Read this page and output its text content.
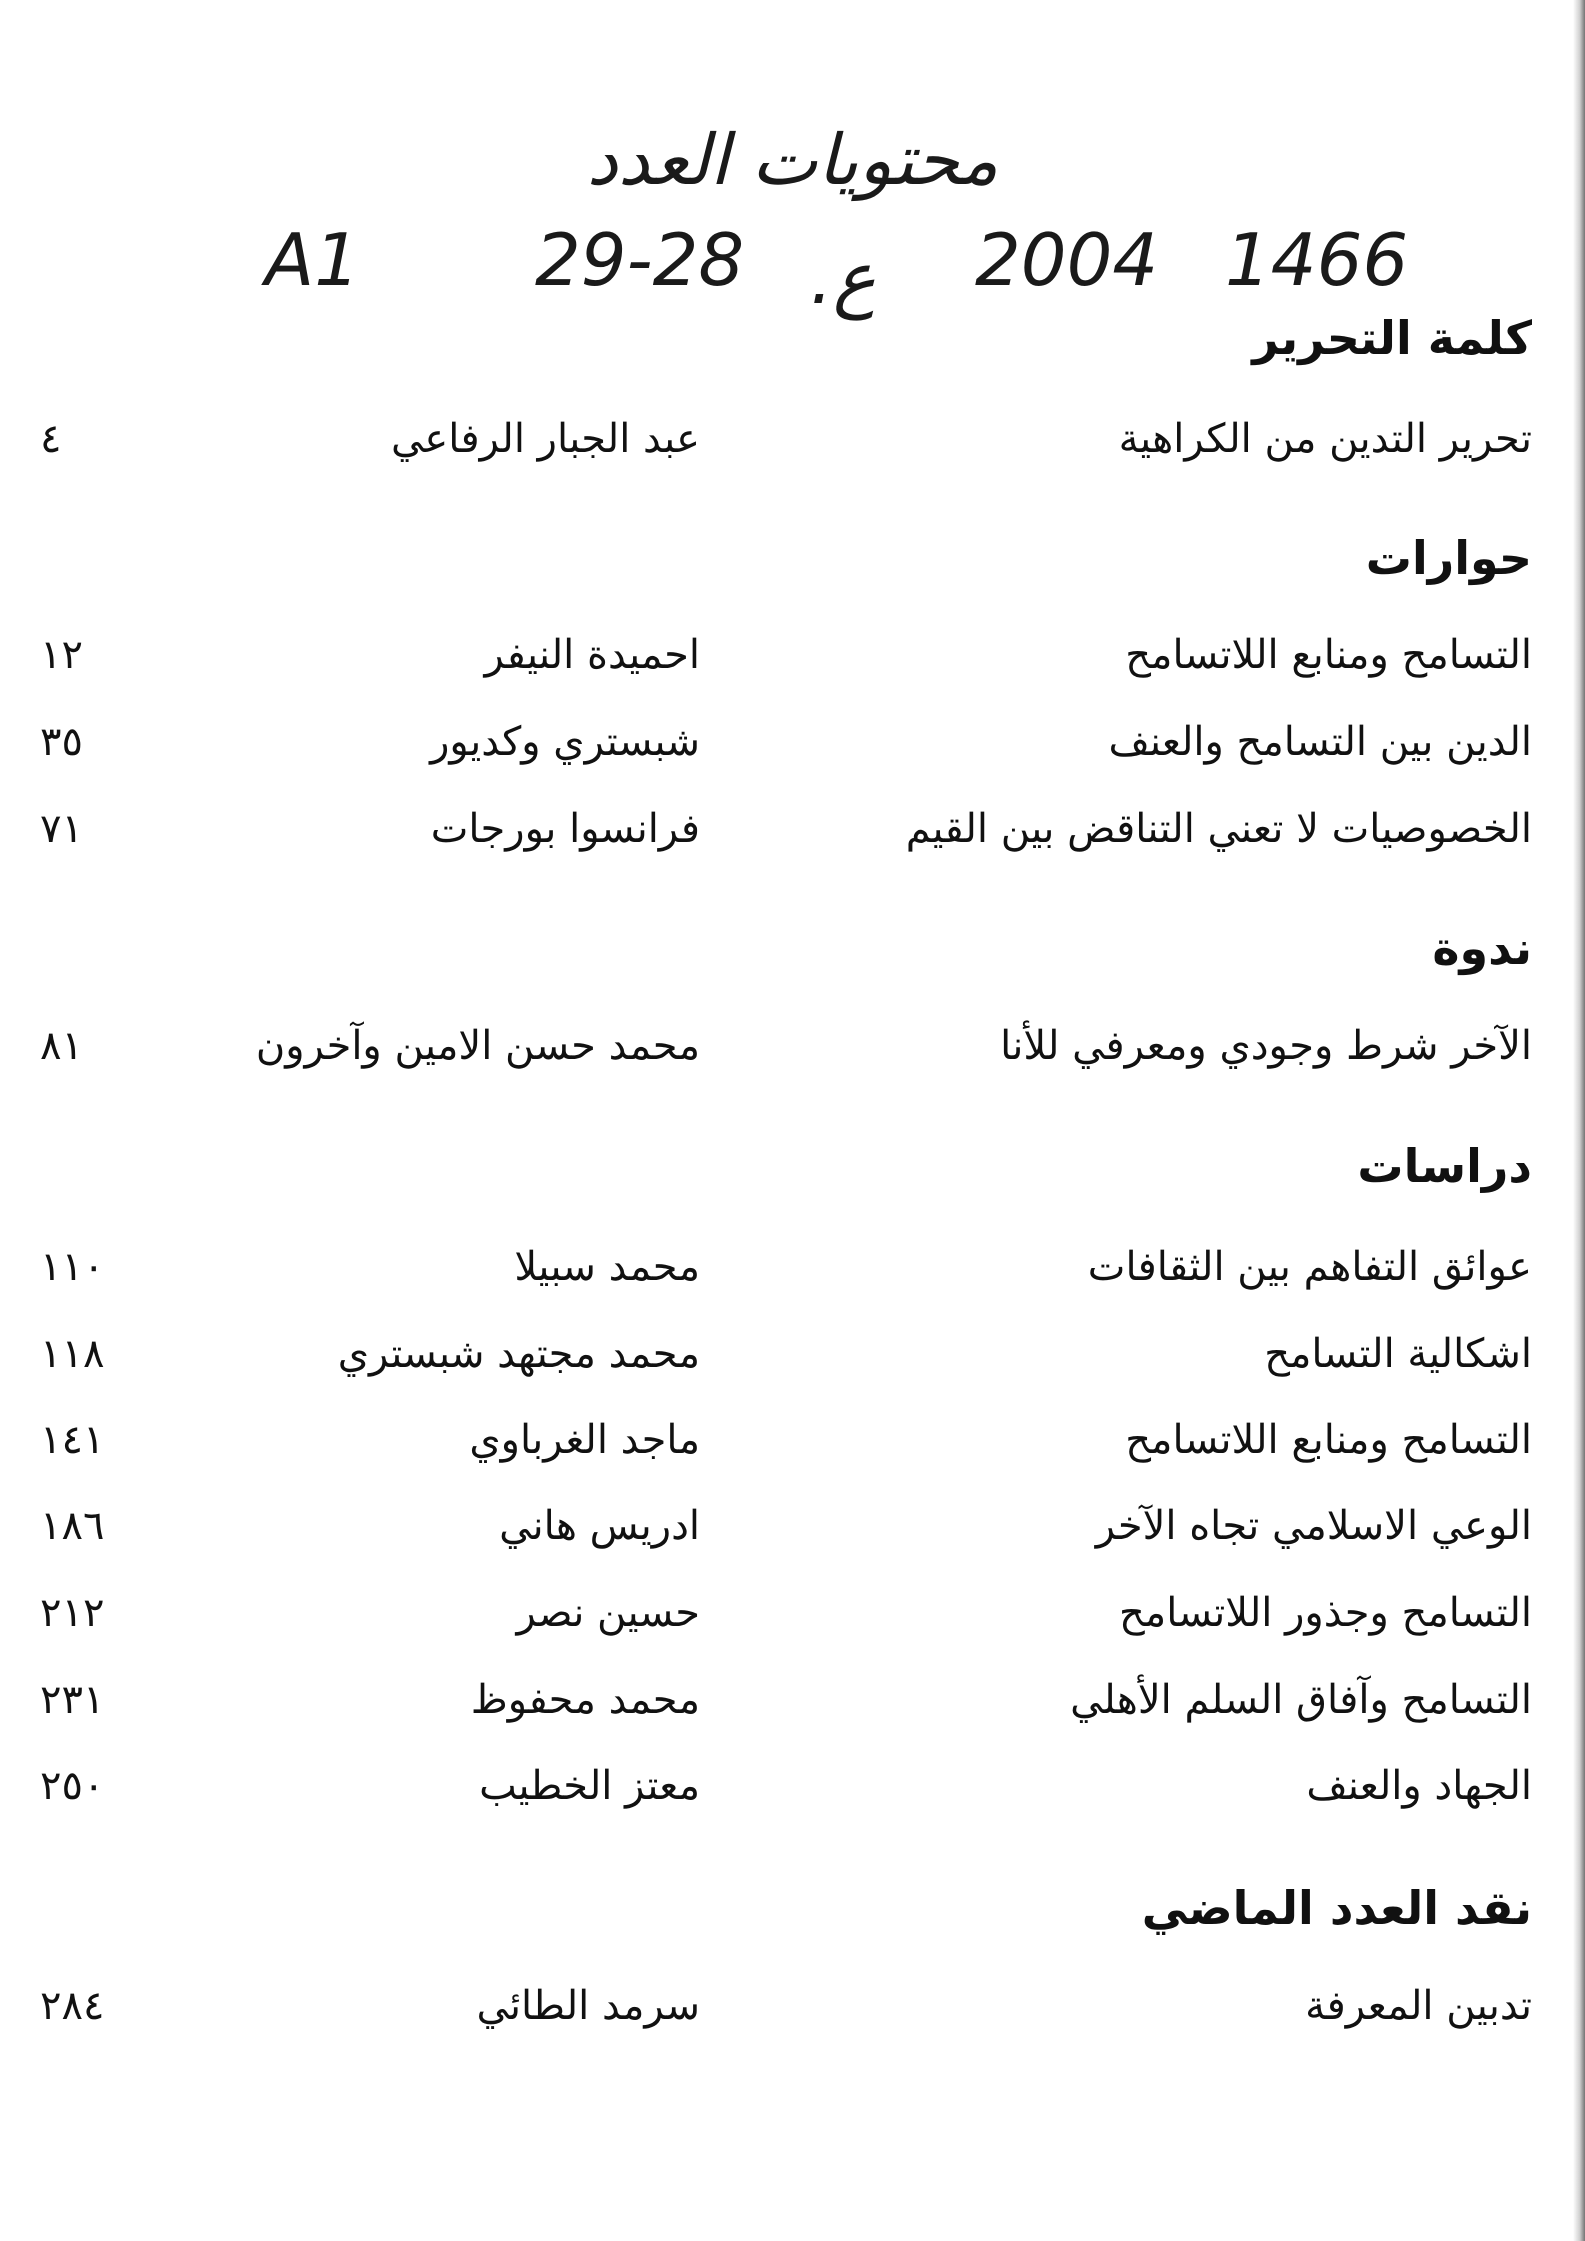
محتويات العدد
A1 29-28 .ع 2004 1466
كلمة التحرير
تحرير التدين من الكراهية
عبد الجبار الرفاعي
٤
حوارات
التسامح ومنابع اللاتسامح
احميدة النيفر
١٢
الدين بين التسامح والعنف
شبستري وكديور
٣٥
الخصوصيات لا تعني التناقض بين القيم
فرانسوا بورجات
٧١
ندوة
الآخر شرط وجودي ومعرفي للأنا
محمد حسن الامين وآخرون
٨١
دراسات
عوائق التفاهم بين الثقافات
محمد سبيلا
١١٠
اشكالية التسامح
محمد مجتهد شبستري
١١٨
التسامح ومنابع اللاتسامح
ماجد الغرباوي
١٤١
الوعي الاسلامي تجاه الآخر
ادريس هاني
١٨٦
التسامح وجذور اللاتسامح
حسين نصر
٢١٢
التسامح وآفاق السلم الأهلي
محمد محفوظ
٢٣١
الجهاد والعنف
معتز الخطيب
٢٥٠
نقد العدد الماضي
تدبين المعرفة
سرمد الطائي
٢٨٤
